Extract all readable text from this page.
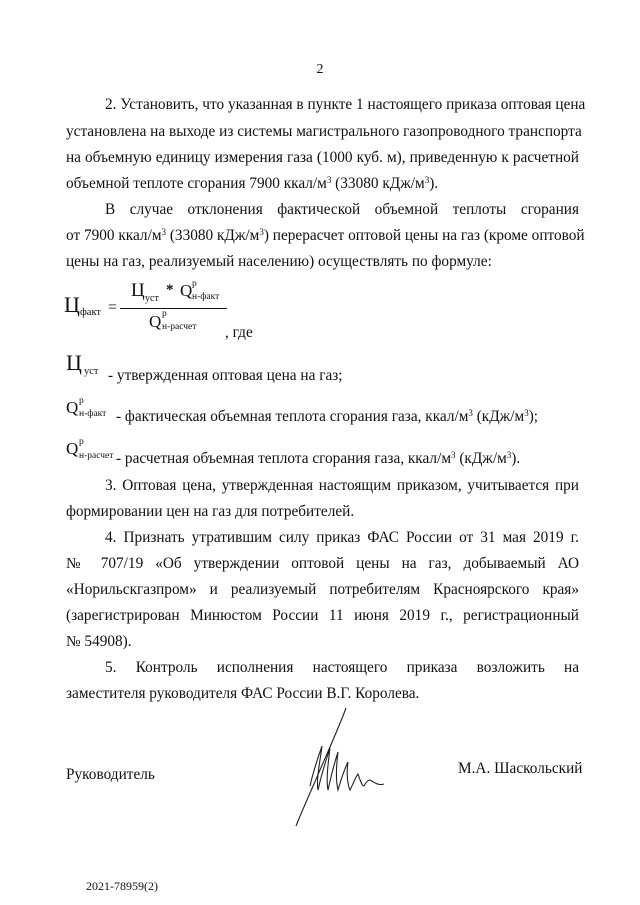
2
2. Установить, что указанная в пункте 1 настоящего приказа оптовая цена
установлена на выходе из системы магистрального газопроводного транспорта
на объемную единицу измерения газа (1000 куб. м), приведенную к расчетной
объемной теплоте сгорания 7900 ккал/$м^3$ (33080 кДж/$м^3$).
В случае отклонения фактической объемной теплоты сгорания
от 7900 ккал/$м^3$ (33080 кДж/$м^3$) перерасчет оптовой цены на газ (кроме оптовой
цены на газ, реализуемый населению) осуществлять по формуле:
Ц факт =
Ц уст
* Q р
н-факт
Q р
н-расчет , где
Ц уст - утвержденная оптовая цена на газ;
Q р
н-факт - фактическая объемная теплота сгорания газа, ккал/$м^3$ $(кДж/м^3)$;
Q р
н-расчет - расчетная объемная теплота сгорания газа, ккал/$м^3$ $(кДж/м^3)$.
3. Оптовая цена, утвержденная настоящим приказом, учитывается при
формировании цен на газ для потребителей.
4. Признать утратившим силу приказ ФАС России от 31 мая 2019 г.
№ 707/19 «Об утверждении оптовой цены на газ, добываемый АО
«Норильскгазпром» и реализуемый потребителям Красноярского края»
(зарегистрирован Минюстом России 11 июня 2019 г., регистрационный
№ 54908).
5. Контроль исполнения настоящего приказа возложить на
заместителя руководителя ФАС России В.Г. Королева.
Руководитель	М.А. Шаскольский
2021-78959(2)
